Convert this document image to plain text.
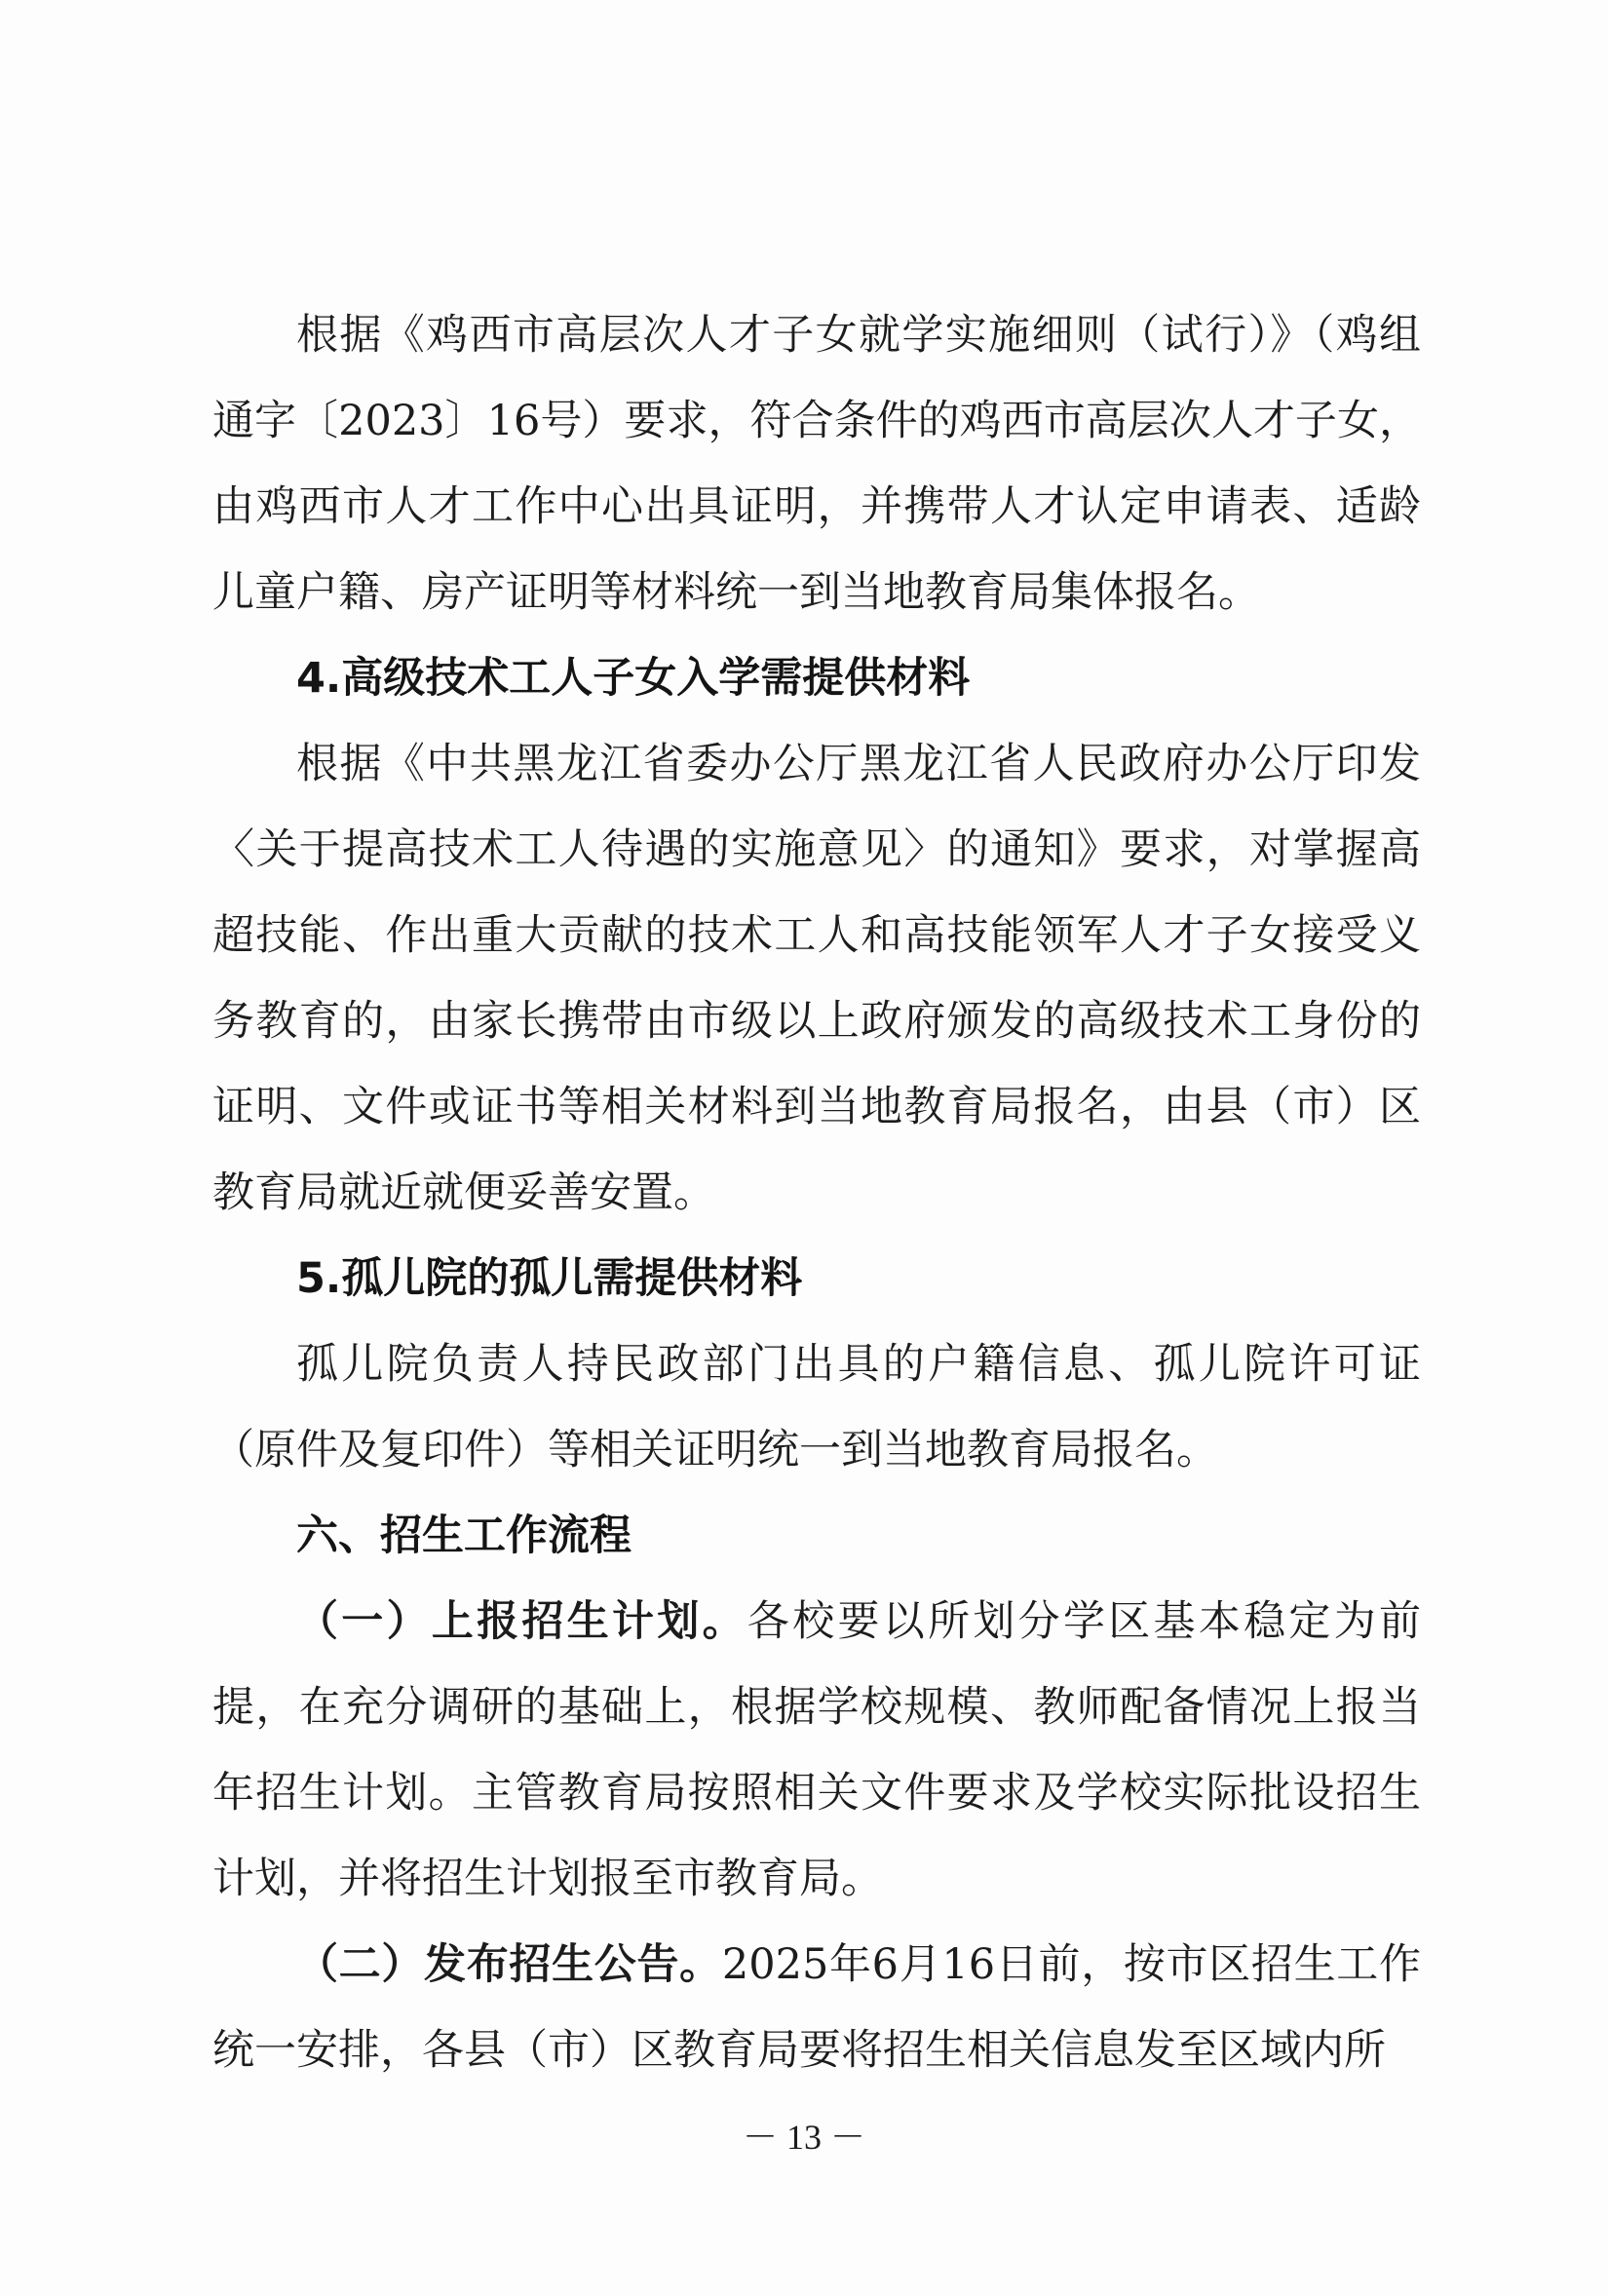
根据《鸡西市高层次人才子女就学实施细则（试行）》（鸡组通字〔2023〕16号）要求，符合条件的鸡西市高层次人才子女，由鸡西市人才工作中心出具证明，并携带人才认定申请表、适龄儿童户籍、房产证明等材料统一到当地教育局集体报名。

4.高级技术工人子女入学需提供材料

根据《中共黑龙江省委办公厅黑龙江省人民政府办公厅印发〈关于提高技术工人待遇的实施意见〉的通知》要求，对掌握高超技能、作出重大贡献的技术工人和高技能领军人才子女接受义务教育的，由家长携带由市级以上政府颁发的高级技术工身份的证明、文件或证书等相关材料到当地教育局报名，由县（市）区教育局就近就便妥善安置。

5.孤儿院的孤儿需提供材料

孤儿院负责人持民政部门出具的户籍信息、孤儿院许可证（原件及复印件）等相关证明统一到当地教育局报名。

六、招生工作流程

（一）上报招生计划。各校要以所划分学区基本稳定为前提，在充分调研的基础上，根据学校规模、教师配备情况上报当年招生计划。主管教育局按照相关文件要求及学校实际批设招生计划，并将招生计划报至市教育局。

（二）发布招生公告。2025年6月16日前，按市区招生工作统一安排，各县（市）区教育局要将招生相关信息发至区域内所

－ 13 －
